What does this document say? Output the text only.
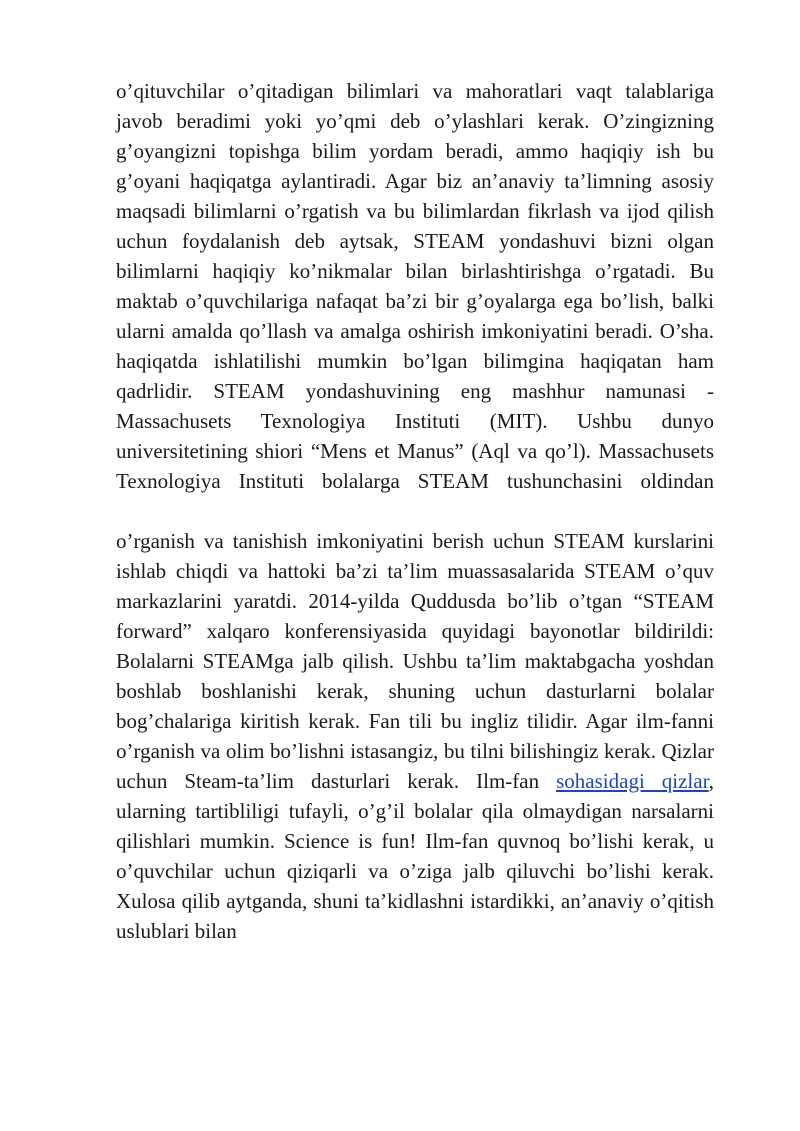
o’qituvchilar o’qitadigan bilimlari va mahoratlari vaqt talablariga javob beradimi yoki yo’qmi deb o’ylashlari kerak. O’zingizning g’oyangizni topishga bilim yordam beradi, ammo haqiqiy ish bu g’oyani haqiqatga aylantiradi. Agar biz an’anaviy ta’limning asosiy maqsadi bilimlarni o’rgatish va bu bilimlardan fikrlash va ijod qilish uchun foydalanish deb aytsak, STEAM yondashuvi bizni olgan bilimlarni haqiqiy ko’nikmalar bilan birlashtirishga o’rgatadi. Bu maktab o’quvchilariga nafaqat ba’zi bir g’oyalarga ega bo’lish, balki ularni amalda qo’llash va amalga oshirish imkoniyatini beradi. O’sha. haqiqatda ishlatilishi mumkin bo’lgan bilimgina haqiqatan ham qadrlidir. STEAM yondashuvining eng mashhur namunasi - Massachusets Texnologiya Instituti (MIT). Ushbu dunyo universitetining shiori “Mens et Manus” (Aql va qo’l). Massachusets Texnologiya Instituti bolalarga STEAM tushunchasini oldindan

o’rganish va tanishish imkoniyatini berish uchun STEAM kurslarini ishlab chiqdi va hattoki ba’zi ta’lim muassasalarida STEAM o’quv markazlarini yaratdi. 2014-yilda Quddusda bo’lib o’tgan “STEAM forward” xalqaro konferensiyasida quyidagi bayonotlar bildirildi: Bolalarni STEAMga jalb qilish. Ushbu ta’lim maktabgacha yoshdan boshlab boshlanishi kerak, shuning uchun dasturlarni bolalar bog’chalariga kiritish kerak. Fan tili bu ingliz tilidir. Agar ilm-fanni o’rganish va olim bo’lishni istasangiz, bu tilni bilishingiz kerak. Qizlar uchun Steam-ta’lim dasturlari kerak. Ilm-fan sohasidagi qizlar, ularning tartibliligi tufayli, o’g’il bolalar qila olmaydigan narsalarni qilishlari mumkin. Science is fun! Ilm-fan quvnoq bo’lishi kerak, u o’quvchilar uchun qiziqarli va o’ziga jalb qiluvchi bo’lishi kerak. Xulosa qilib aytganda, shuni ta’kidlashni istardikki, an’anaviy o’qitish uslublari bilan
